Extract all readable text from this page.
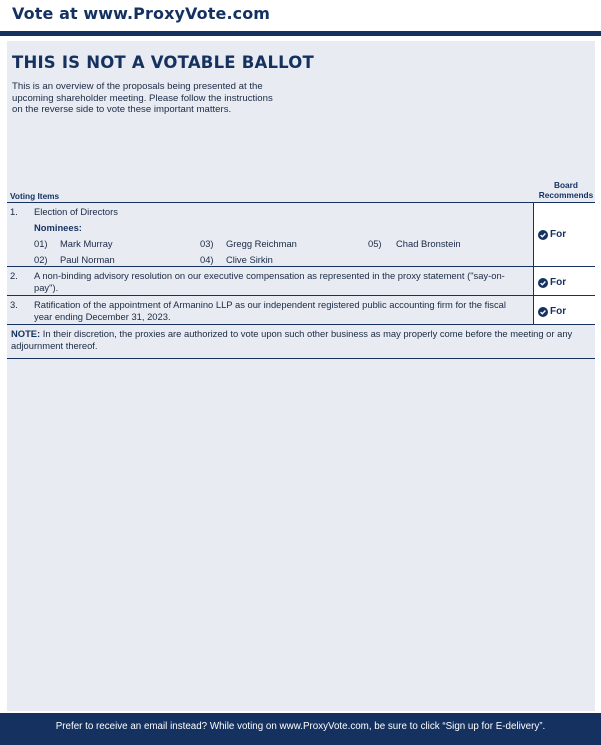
Vote at www.ProxyVote.com
THIS IS NOT A VOTABLE BALLOT

This is an overview of the proposals being presented at the upcoming shareholder meeting. Please follow the instructions on the reverse side to vote these important matters.

Voting Items
Board
Recommends
1. Election of Directors
Nominees:
01) Mark Murray
02) Paul Norman
03) Gregg Reichman
04) Clive Sirkin
05) Chad Bronstein
For
2. A non-binding advisory resolution on our executive compensation as represented in the proxy statement ("say-on-
pay").	For
3. Ratification of the appointment of Armanino LLP as our independent registered public accounting firm for the fiscal
year ending December 31, 2023.	For

NOTE: In their discretion, the proxies are authorized to vote upon such other business as may properly come before the meeting or any adjournment thereof.

Prefer to receive an email instead? While voting on www.ProxyVote.com, be sure to click “Sign up for E-delivery”.
